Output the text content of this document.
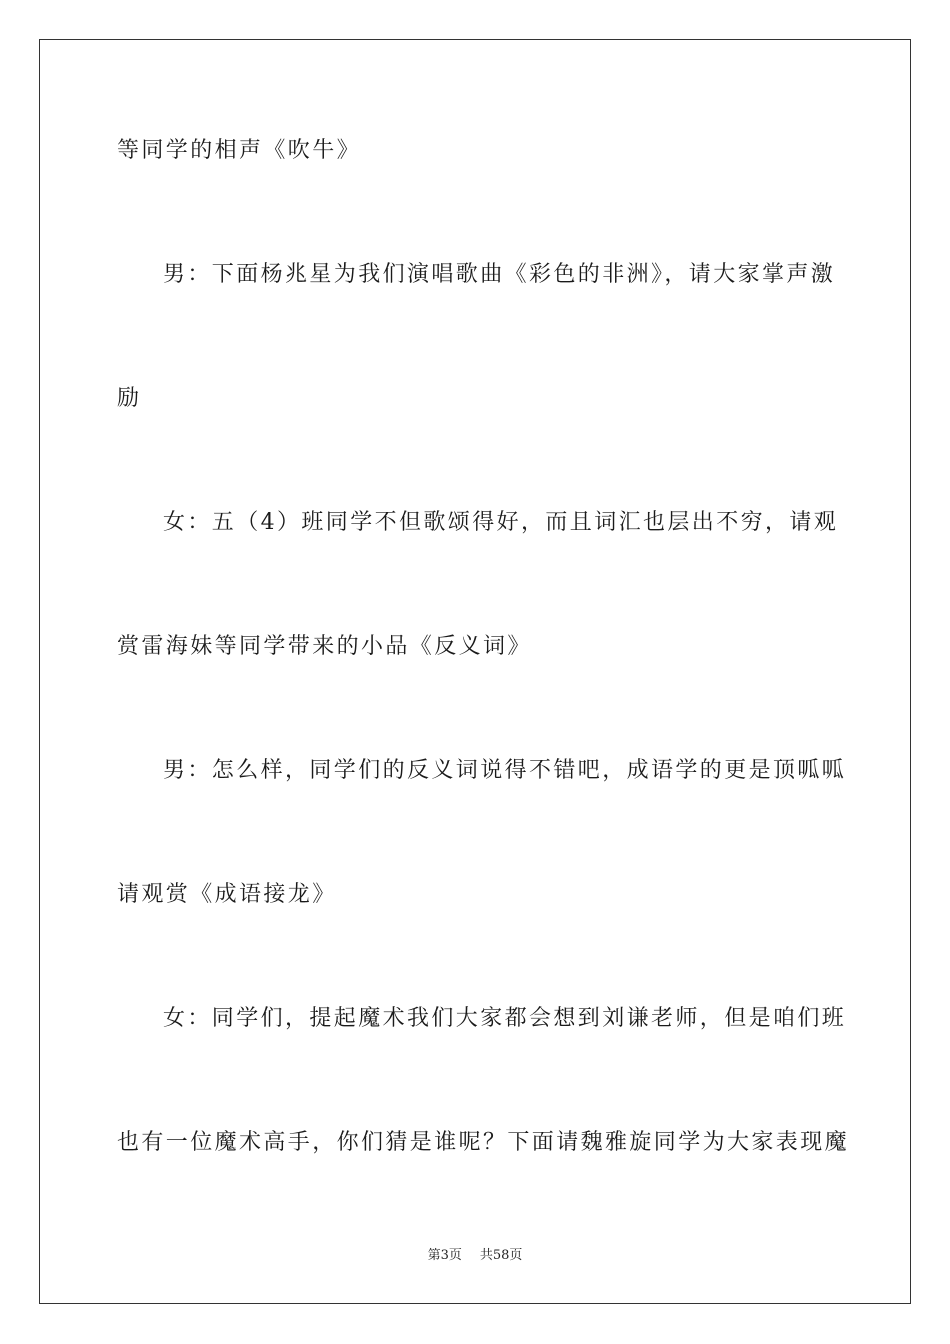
等同学的相声《吹牛》
男：下面杨兆星为我们演唱歌曲《彩色的非洲》，请大家掌声激
励
女：五（4）班同学不但歌颂得好，而且词汇也层出不穷，请观
赏雷海妹等同学带来的小品《反义词》
男：怎么样，同学们的反义词说得不错吧，成语学的更是顶呱呱
请观赏《成语接龙》
女：同学们，提起魔术我们大家都会想到刘谦老师，但是咱们班
也有一位魔术高手，你们猜是谁呢？下面请魏雅旋同学为大家表现魔
第3页 共58页
